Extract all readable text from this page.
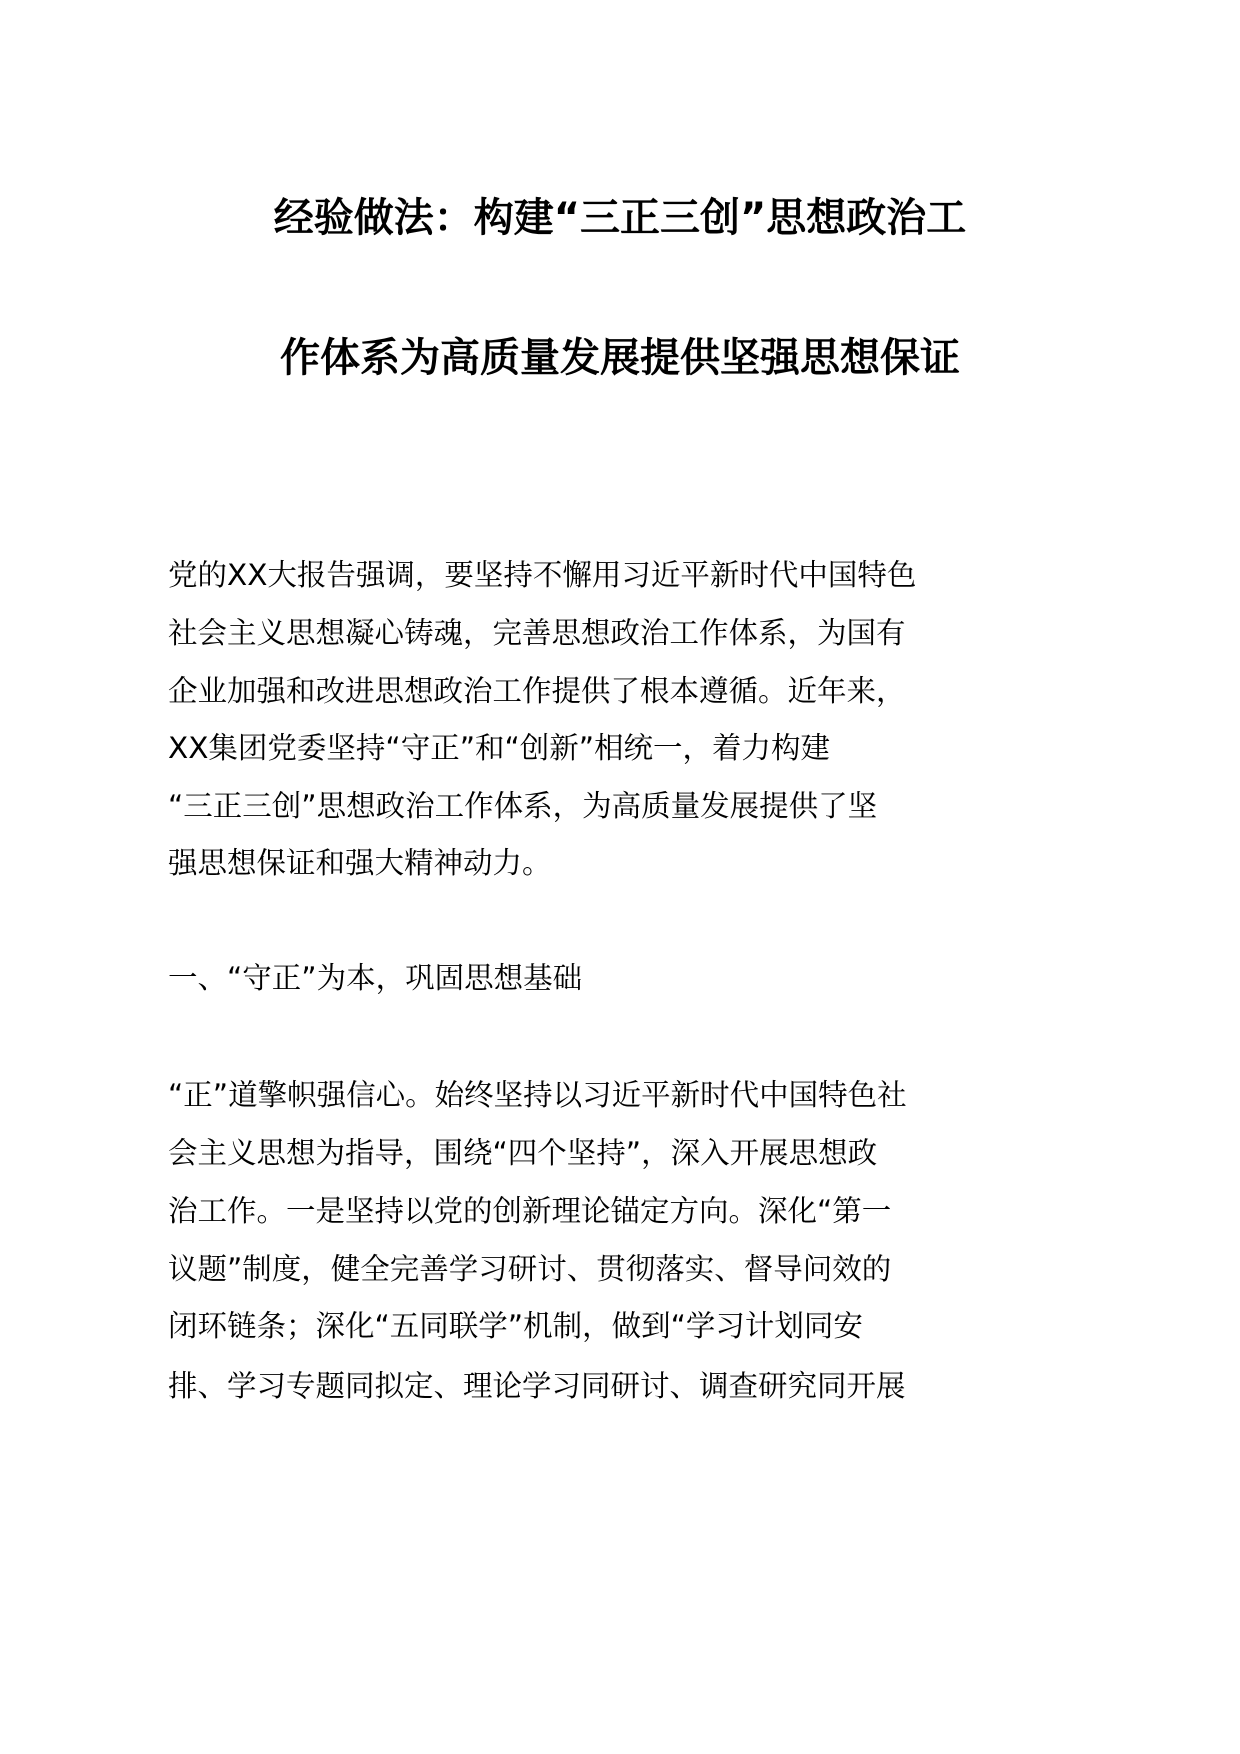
经验做法：构建“三正三创”思想政治工
作体系为高质量发展提供坚强思想保证
党的XX大报告强调，要坚持不懈用习近平新时代中国特色
社会主义思想凝心铸魂，完善思想政治工作体系，为国有
企业加强和改进思想政治工作提供了根本遵循。近年来，
XX集团党委坚持“守正”和“创新”相统一，着力构建
“三正三创”思想政治工作体系，为高质量发展提供了坚
强思想保证和强大精神动力。
一、“守正”为本，巩固思想基础
“正”道擎帜强信心。始终坚持以习近平新时代中国特色社
会主义思想为指导，围绕“四个坚持”，深入开展思想政
治工作。一是坚持以党的创新理论锚定方向。深化“第一
议题”制度，健全完善学习研讨、贯彻落实、督导问效的
闭环链条；深化“五同联学”机制，做到“学习计划同安
排、学习专题同拟定、理论学习同研讨、调查研究同开展
